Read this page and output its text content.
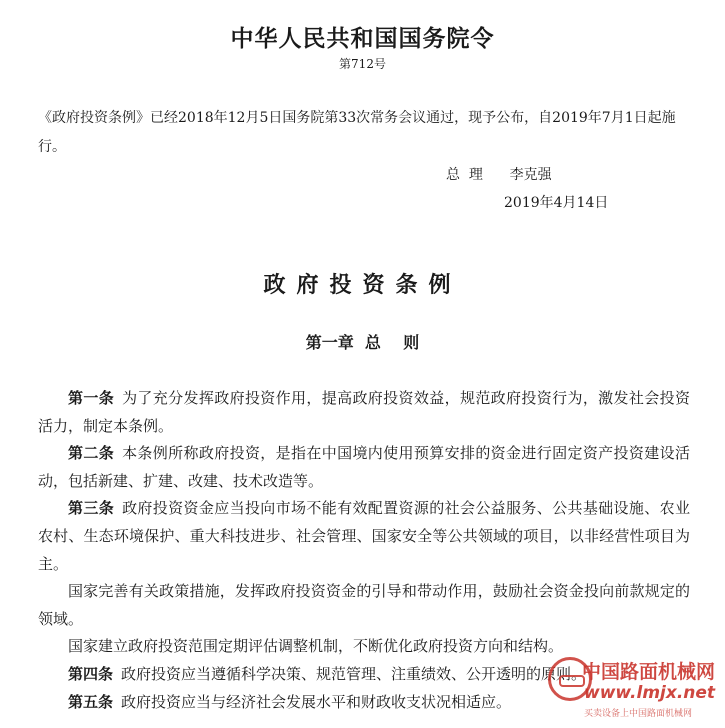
中华人民共和国国务院令
第712号

《政府投资条例》已经2018年12月5日国务院第33次常务会议通过，现予公布，自2019年7月1日起施行。

总  理 李克强
2019年4月14日
政府投资条例
第一章  总    则

第一条 为了充分发挥政府投资作用，提高政府投资效益，规范政府投资行为，激发社会投资活力，制定本条例。

第二条 本条例所称政府投资，是指在中国境内使用预算安排的资金进行固定资产投资建设活动，包括新建、扩建、改建、技术改造等。

第三条 政府投资资金应当投向市场不能有效配置资源的社会公益服务、公共基础设施、农业农村、生态环境保护、重大科技进步、社会管理、国家安全等公共领域的项目，以非经营性项目为主。

国家完善有关政策措施，发挥政府投资资金的引导和带动作用，鼓励社会资金投向前款规定的领域。

国家建立政府投资范围定期评估调整机制，不断优化政府投资方向和结构。

第四条 政府投资应当遵循科学决策、规范管理、注重绩效、公开透明的原则。

第五条 政府投资应当与经济社会发展水平和财政收支状况相适应。

中国路面机械网
www.lmjx.net
买卖设备上中国路面机械网
